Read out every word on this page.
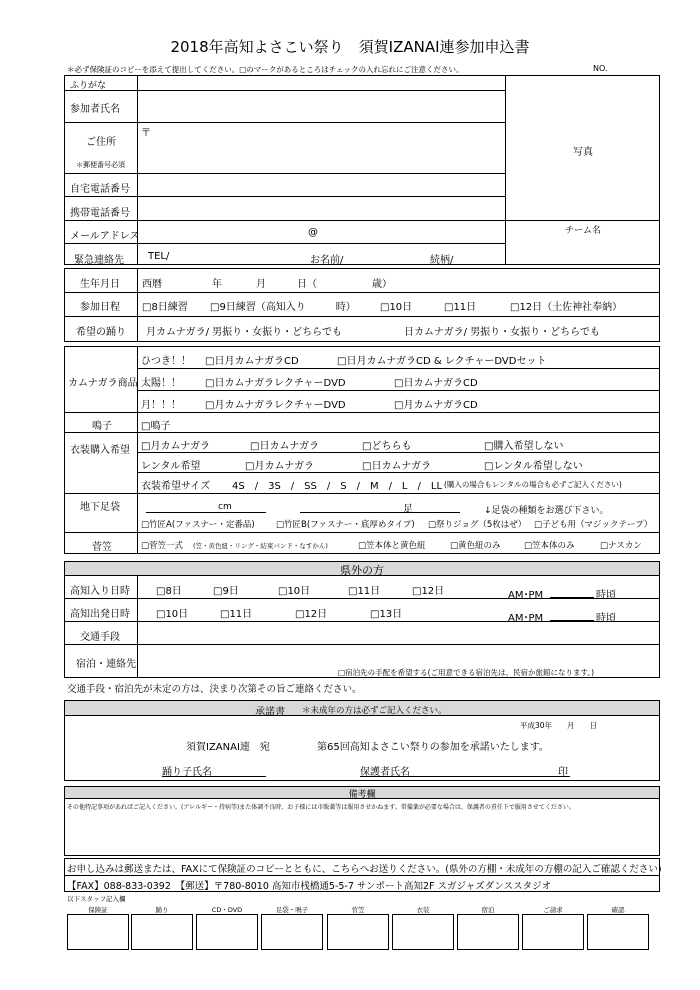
2018年高知よさこい祭り　須賀IZANAI連参加申込書
＊必ず保険証のコピーを添えて提出してください。□のマークがあるところはチェックの入れ忘れにご注意ください。	NO.
ふりがな
参加者氏名
ご住所
〒
＊郵便番号必須
自宅電話番号
携帯電話番号
メールアドレス	@
緊急連絡先 TEL/	お名前/	続柄/
写真
チーム名
生年月日 西暦	年	月	日（	歳）
参加日程 □8日練習 □9日練習（高知入り　　　時） □10日	□11日	□12日（土佐神社奉納）
希望の踊り 月カムナガラ/ 男振り・女振り・どちらでも	日カムナガラ/ 男振り・女振り・どちらでも
カムナガラ商品
ひつき！！ □日月カムナガラCD	□日月カムナガラCD & レクチャーDVDセット
太陽！！ □日カムナガラレクチャーDVD	□日カムナガラCD
月！！！ □月カムナガラレクチャーDVD	□月カムナガラCD
鳴子	□鳴子
衣装購入希望 □月カムナガラ	□日カムナガラ	□どちらも	□購入希望しない
レンタル希望	□月カムナガラ	□日カムナガラ	□レンタル希望しない
衣装希望サイズ 4S　/　3S　/　SS　/　S　/　M　/　L　/　LL (購入の場合もレンタルの場合も必ずご記入ください)
地下足袋	cm	足	↓足袋の種類をお選び下さい。
□竹匠A(ファスナー・定番品)	□竹匠B(ファスナー・底厚めタイプ) □祭りジョグ（5枚はぜ） □子ども用（マジックテープ）
菅笠	□菅笠一式 (笠・黄色紐・リング・結束バンド・なすかん)	□笠本体と黄色紐	□黄色紐のみ	□笠本体のみ	□ナスカン
県外の方
高知入り日時	□8日	□9日	□10日	□11日	□12日	AM･PM	時頃
高知出発日時	□10日	□11日	□12日	□13日	AM･PM	時頃
交通手段
宿泊・連絡先
□宿泊先の手配を希望する(ご用意できる宿泊先は、民宿か旅館になります。)
交通手段・宿泊先が未定の方は、決まり次第その旨ご連絡ください。
承諾書 ＊未成年の方は必ずご記入ください。
平成30年　　月　　日
須賀IZANAI連　宛	第65回高知よさこい祭りの参加を承諾いたします。
踊り子氏名	保護者氏名	印
備考欄
その他特記事項があればご記入ください。(アレルギー・持病等)また体調不良時、お子様には市販薬等は服用させかねます。常備薬が必要な場合は、保護者の責任下で服用させてください。
お申し込みは郵送または、FAXにて保険証のコピーとともに、こちらへお送りください。(県外の方棚・未成年の方棚の記入ご確認ください)
【FAX】088‑833‑0392　【郵送】〒780‑8010 高知市桟橋通5‑5‑7 サンポート高知2F スガジャズダンススタジオ
以下スタッフ記入欄
保険証	踊り	CD・DVD	足袋・鳴子	菅笠	衣装	宿泊	ご請求	確認
